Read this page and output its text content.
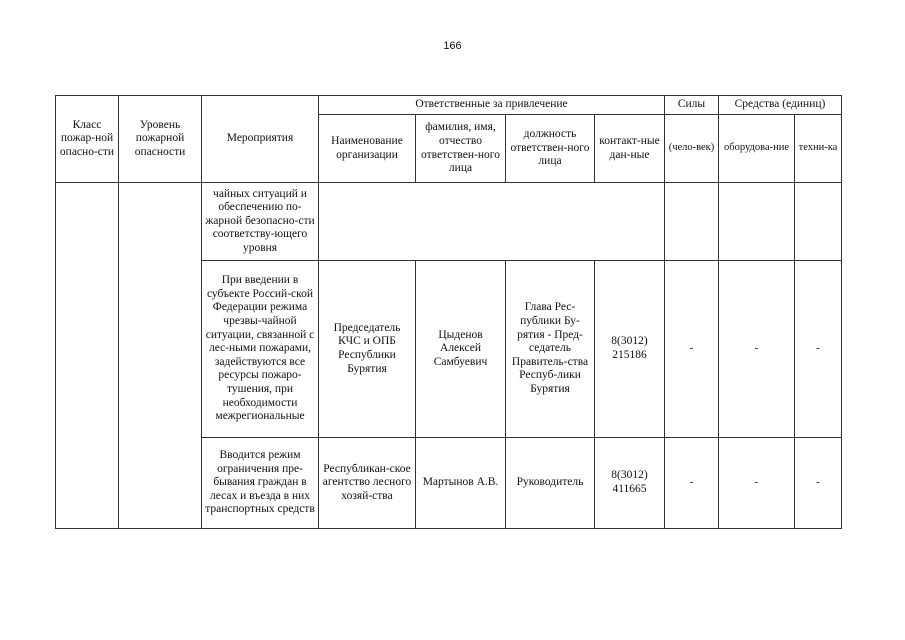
166
Класс пожар-ной опасно-сти	Уровень пожарной опасности	Мероприятия	Ответственные за привлечение				Силы	Средства (единиц)	
			Наименование организации	фамилия, имя, отчество ответствен-ного лица	должность ответствен-ного лица	контакт-ные дан-ные	(чело-век)	оборудова-ние	техни-ка
		чайных ситуаций и обеспечению по-жарной безопасно-сти соответству-ющего уровня							
		При введении в субъекте Россий-ской Федерации режима чрезвы-чайной ситуации, связанной с лес-ными пожарами, задействуются все ресурсы пожаро-тушения, при необходимости межрегиональные	Председатель КЧС и ОПБ Республики Бурятия	Цыденов Алексей Самбуевич	Глава Рес-публики Бу-рятия - Пред-седатель Правитель-ства Респуб-лики Бурятия	8(3012) 215186	-	-	-
		Вводится режим ограничения пре-бывания граждан в лесах и въезда в них транспортных средств	Республикан-ское агентство лесного хозяй-ства	Мартынов А.В.	Руководитель	8(3012) 411665	-	-	-
